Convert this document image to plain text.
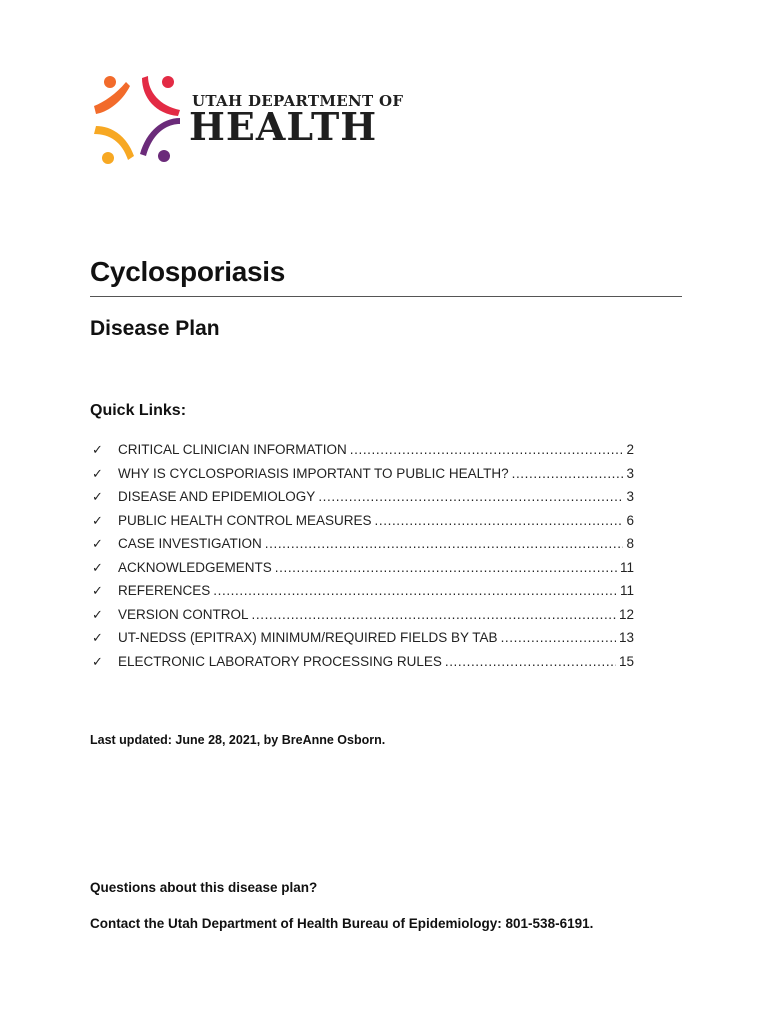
UTAH DEPARTMENT OF
HEALTH
Cyclosporiasis
Disease Plan
Quick Links:
✓	CRITICAL CLINICIAN INFORMATION .....	2
✓	WHY IS CYCLOSPORIASIS IMPORTANT TO PUBLIC HEALTH? .....	3
✓	DISEASE AND EPIDEMIOLOGY .....	3
✓	PUBLIC HEALTH CONTROL MEASURES .....	6
✓	CASE INVESTIGATION .....	8
✓	ACKNOWLEDGEMENTS .....	11
✓	REFERENCES .....	11
✓	VERSION CONTROL .....	12
✓	UT-NEDSS (EPITRAX) MINIMUM/REQUIRED FIELDS BY TAB .....	13
✓	ELECTRONIC LABORATORY PROCESSING RULES .....	15
Last updated: June 28, 2021, by BreAnne Osborn.
Questions about this disease plan?
Contact the Utah Department of Health Bureau of Epidemiology: 801-538-6191.
